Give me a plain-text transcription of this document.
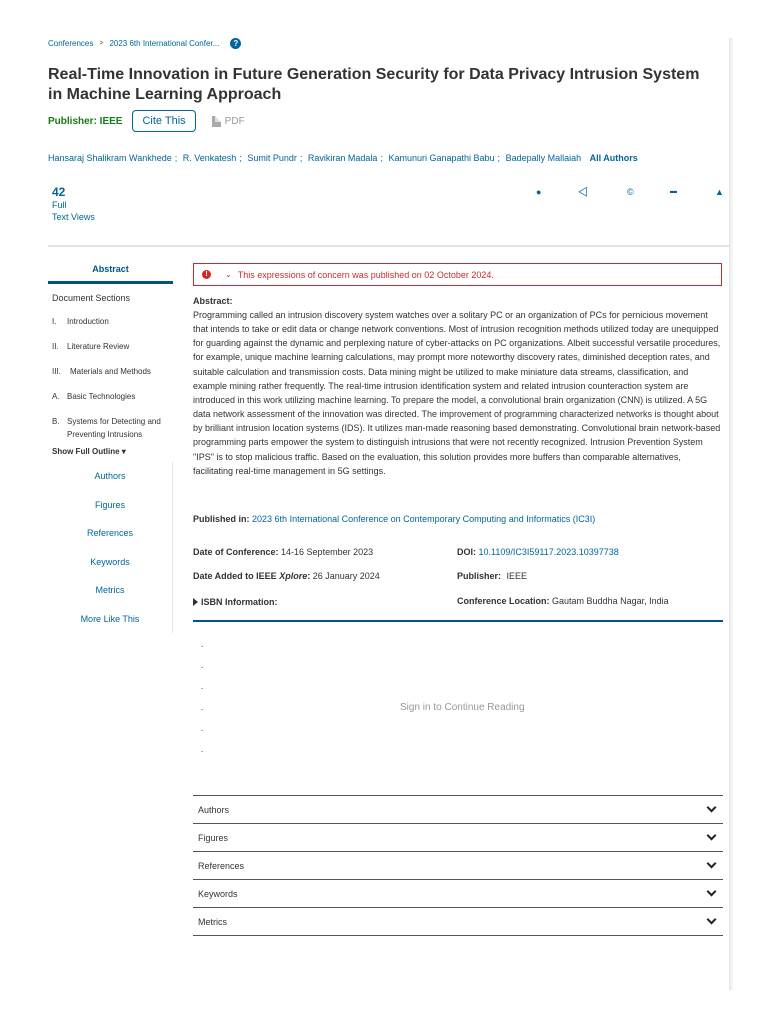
Conferences > 2023 6th International Confer...	?
Real-Time Innovation in Future Generation Security for Data Privacy Intrusion System in Machine Learning Approach
Publisher: IEEE	Cite This	PDF
Hansaraj Shalikram Wankhede ; R. Venkatesh ; Sumit Pundr ; Ravikiran Madala ; Kamunuri Ganapathi Babu ; Badepally Mallaiah All Authors
42
Full
Text Views
●	⨞	©	▬	▲
Abstract
Document Sections
I.	Introduction
II.	Literature Review
III.	Materials and Methods
A. Basic Technologies
B. Systems for Detecting and Preventing Intrusions
Show Full Outline ▾
Authors
Figures
References
Keywords
Metrics
More Like This
!	⌄ This expressions of concern was published on 02 October 2024.
Abstract:
Programming called an intrusion discovery system watches over a solitary PC or an organization of PCs for pernicious movement that intends to take or edit data or change network conventions. Most of intrusion recognition methods utilized today are unequipped for guarding against the dynamic and perplexing nature of cyber-attacks on PC organizations. Albeit successful versatile procedures, for example, unique machine learning calculations, may prompt more noteworthy discovery rates, diminished deception rates, and suitable calculation and transmission costs. Data mining might be utilized to make miniature data streams, classification, and example mining rather frequently. The real-time intrusion identification system and related intrusion counteraction system are introduced in this work utilizing machine learning. To prepare the model, a convolutional brain organization (CNN) is utilized. A 5G data network assessment of the innovation was directed. The improvement of programming characterized networks is thought about by brilliant intrusion location systems (IDS). It utilizes man-made reasoning based demonstrating. Convolutional brain network-based programming parts empower the system to distinguish intrusions that were not recently recognized. Intrusion Prevention System "IPS" is to stop malicious traffic. Based on the evaluation, this solution provides more buffers than comparable alternatives, facilitating real-time management in 5G settings.
Published in: 2023 6th International Conference on Contemporary Computing and Informatics (IC3I)
Date of Conference: 14-16 September 2023
Date Added to IEEE Xplore: 26 January 2024
ISBN Information:
DOI: 10.1109/IC3I59117.2023.10397738
Publisher: IEEE
Conference Location: Gautam Buddha Nagar, India
Sign in to Continue Reading
Authors
Figures
References
Keywords
Metrics
